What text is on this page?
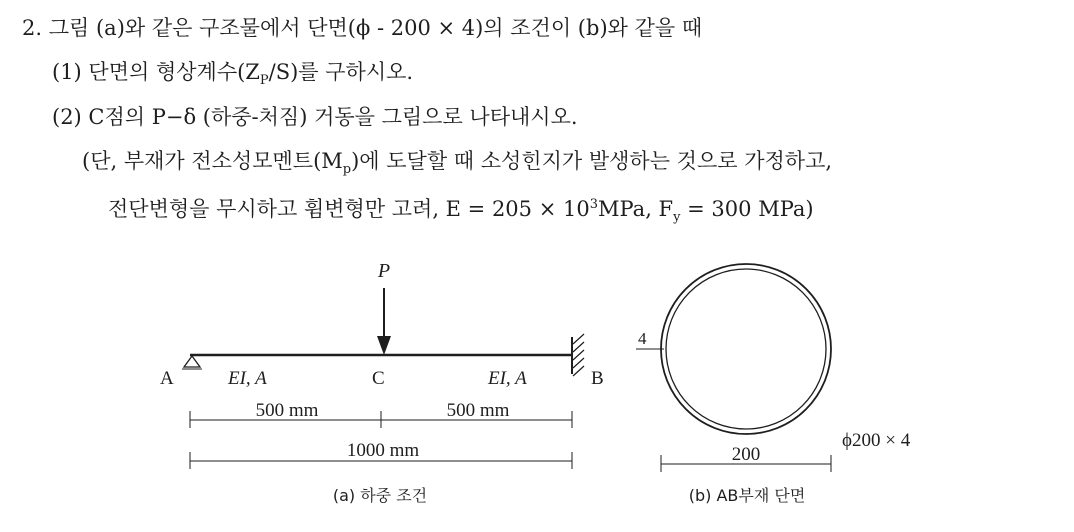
2. 그림 (a)와 같은 구조물에서 단면(ϕ - 200 × 4)의 조건이 (b)와 같을 때
(1) 단면의 형상계수$(Z_P/S)$를 구하시오.
(2) C점의 P−δ (하중-처짐) 거동을 그림으로 나타내시오.
(단, 부재가 전소성모멘트$(M_p)$에 도달할 때 소성힌지가 발생하는 것으로 가정하고,
전단변형을 무시하고 휨변형만 고려, $E = 205 \times 10^3MPa$, $F_y = 300$ MPa)
P
A	B
C
EI, A	EI, A
500 mm	500 mm
1000 mm
(a) 하중 조건
4
200
ϕ200 × 4
(b) AB부재 단면
